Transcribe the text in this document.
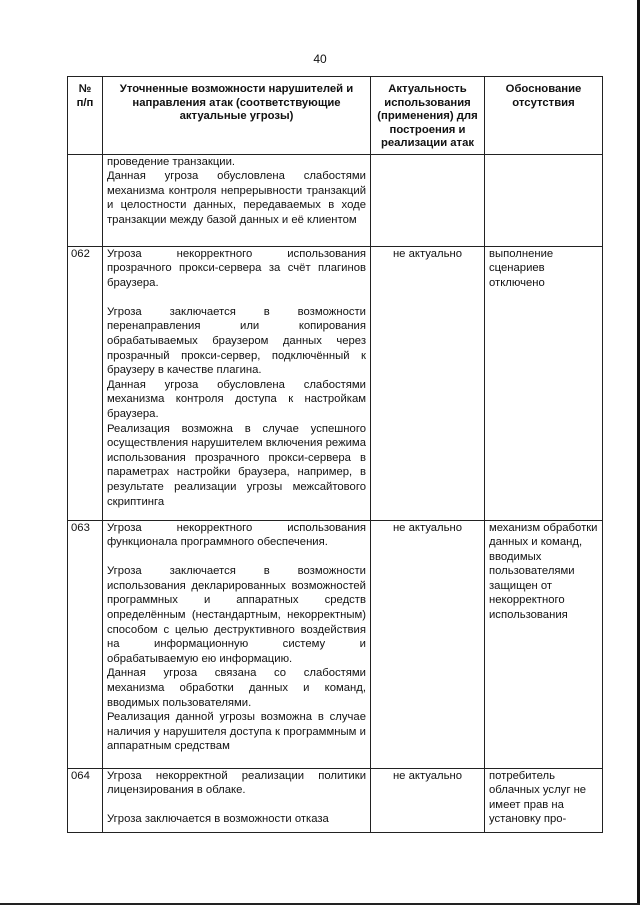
40
№
п/п	Уточненные возможности нарушителей и направления атак (соответствующие актуальные угрозы)	Актуальность использования (применения) для построения и реализации атак	Обоснование отсутствия

	проведение транзакции.

Данная угроза обусловлена слабостями механизма контроля непрерывности транзакций и целостности данных, передаваемых в ходе транзакции между базой данных и её клиентом		

062	Угроза некорректного использования прозрачного прокси-сервера за счёт плагинов браузера.

Угроза заключается в возможности перенаправления или копирования обрабатываемых браузером данных через прозрачный прокси-сервер, подключённый к браузеру в качестве плагина.

Данная угроза обусловлена слабостями механизма контроля доступа к настройкам браузера.

Реализация возможна в случае успешного осуществления нарушителем включения режима использования прозрачного прокси-сервера в параметрах настройки браузера, например, в результате реализации угрозы межсайтового скриптинга	не актуально	выполнение сценариев отключено
063	Угроза некорректного использования функционала программного обеспечения.

Угроза заключается в возможности использования декларированных возможностей программных и аппаратных средств определённым (нестандартным, некорректным) способом с целью деструктивного воздействия на информационную систему и обрабатываемую ею информацию.

Данная угроза связана со слабостями механизма обработки данных и команд, вводимых пользователями.

Реализация данной угрозы возможна в случае наличия у нарушителя доступа к программным и аппаратным средствам	не актуально	механизм обработки данных и команд, вводимых пользователями защищен от некорректного использования
064	Угроза некорректной реализации политики лицензирования в облаке.

Угроза заключается в возможности отказа	не актуально	потребитель облачных услуг не имеет прав на установку про-
